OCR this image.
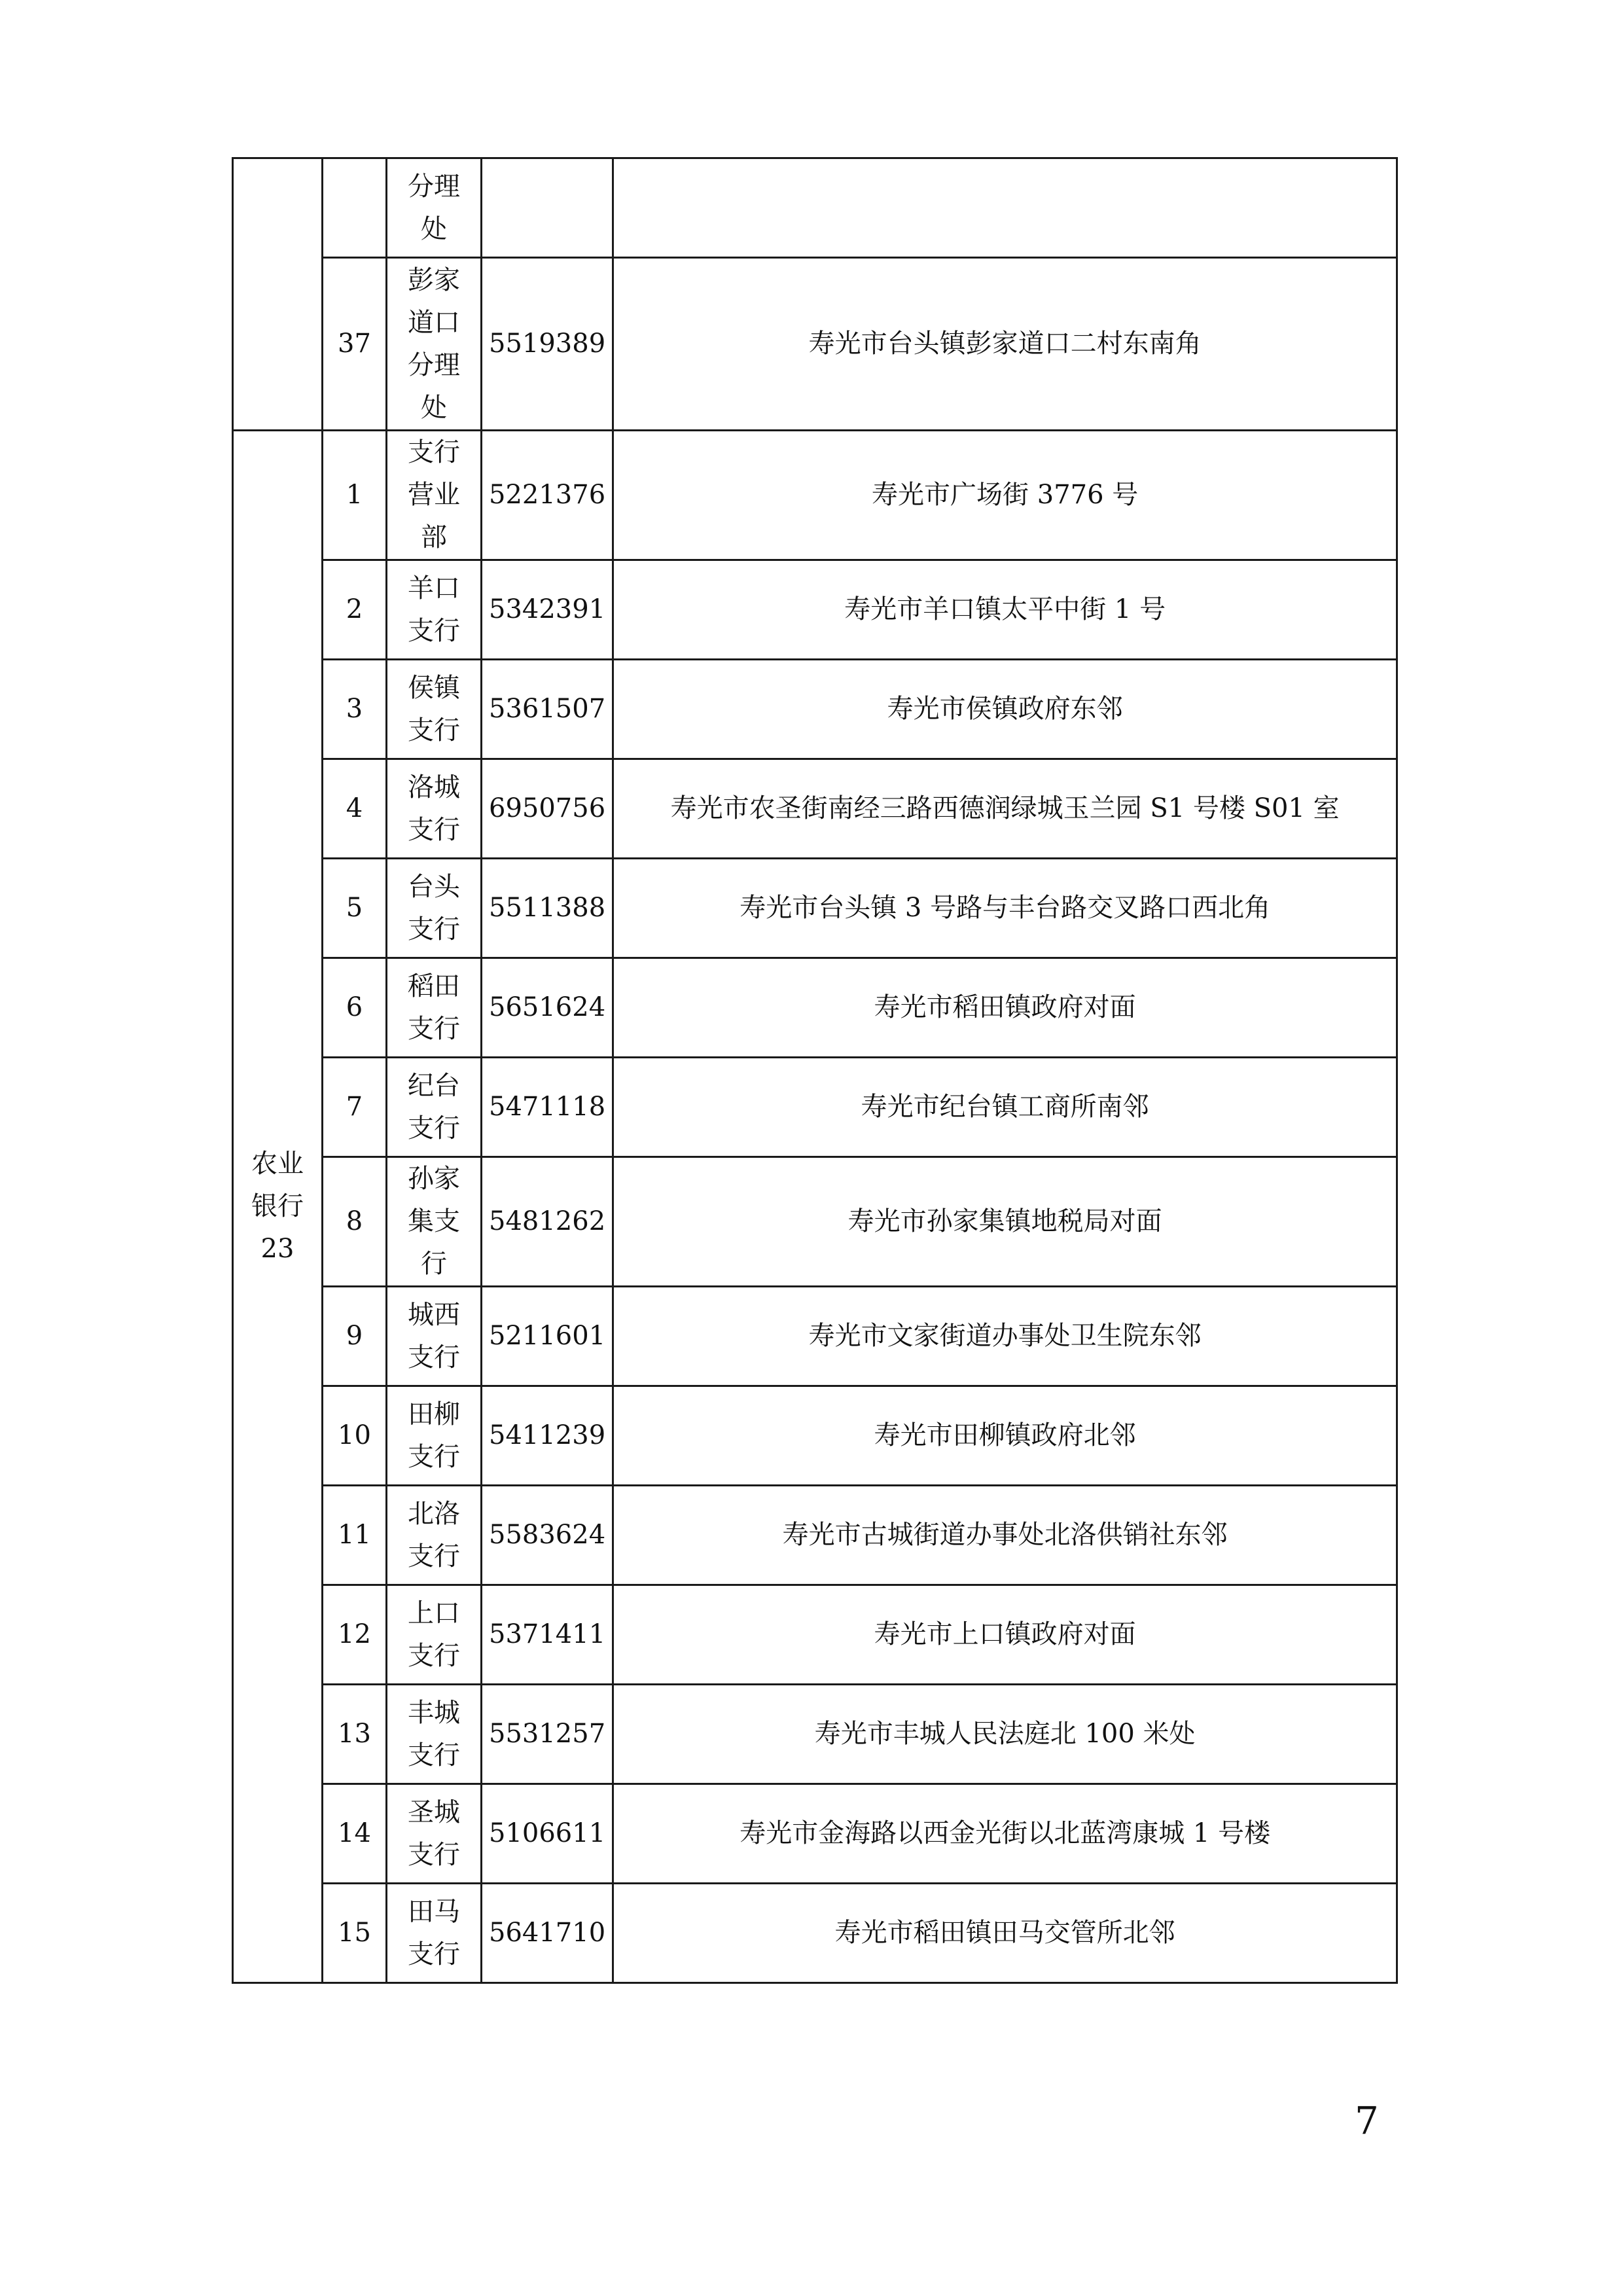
		分理
处		

	37	彭家
道口
分理
处	5519389	寿光市台头镇彭家道口二村东南角

农业
银行
23	1	支行
营业
部	5221376	寿光市广场街 3776 号
	2	羊口
支行	5342391	寿光市羊口镇太平中街 1 号
	3	侯镇
支行	5361507	寿光市侯镇政府东邻
	4	洛城
支行	6950756	寿光市农圣街南经三路西德润绿城玉兰园 S1 号楼 S01 室
	5	台头
支行	5511388	寿光市台头镇 3 号路与丰台路交叉路口西北角
	6	稻田
支行	5651624	寿光市稻田镇政府对面
	7	纪台
支行	5471118	寿光市纪台镇工商所南邻
	8	孙家
集支
行	5481262	寿光市孙家集镇地税局对面
	9	城西
支行	5211601	寿光市文家街道办事处卫生院东邻
	10	田柳
支行	5411239	寿光市田柳镇政府北邻
	11	北洛
支行	5583624	寿光市古城街道办事处北洛供销社东邻
	12	上口
支行	5371411	寿光市上口镇政府对面
	13	丰城
支行	5531257	寿光市丰城人民法庭北 100 米处
	14	圣城
支行	5106611	寿光市金海路以西金光街以北蓝湾康城 1 号楼
	15	田马
支行	5641710	寿光市稻田镇田马交管所北邻
7
